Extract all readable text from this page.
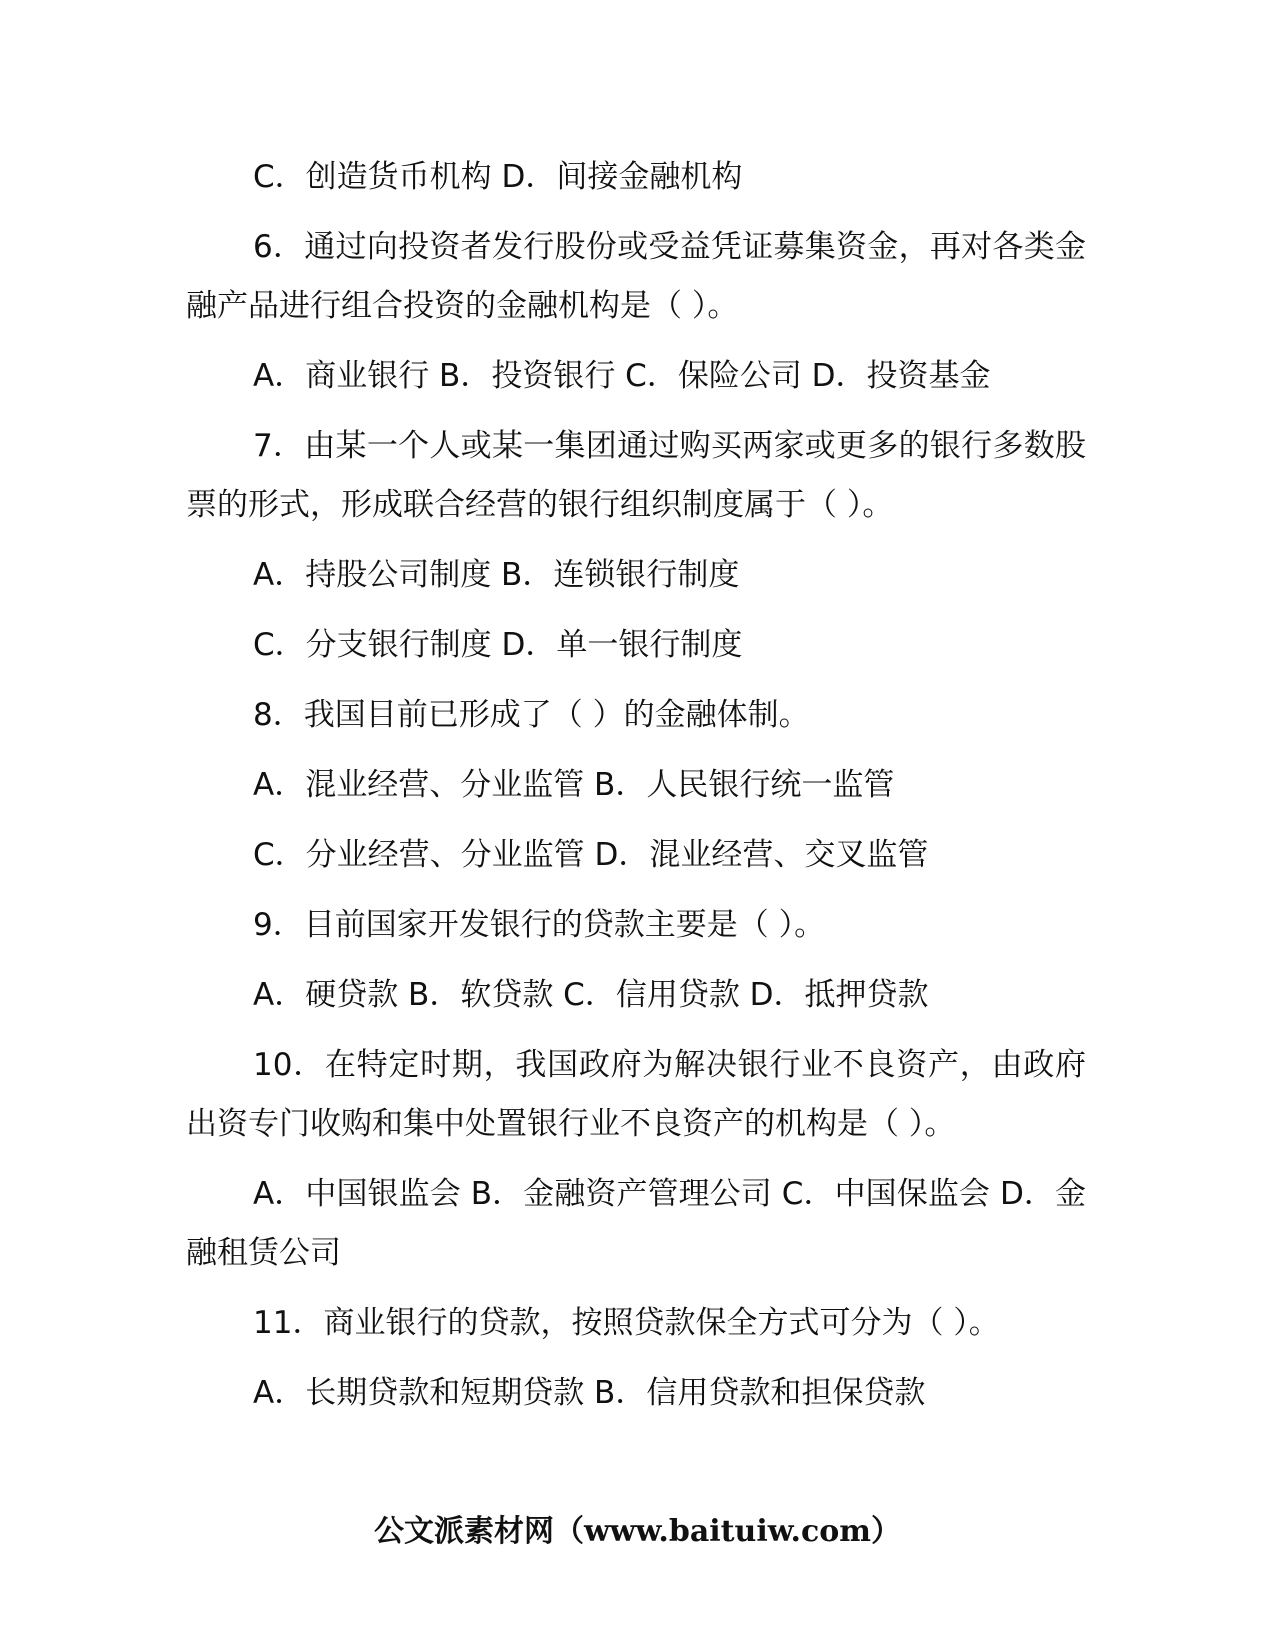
C．创造货币机构 D．间接金融机构

6．通过向投资者发行股份或受益凭证募集资金，再对各类金融产品进行组合投资的金融机构是（ ）。

A．商业银行 B．投资银行 C．保险公司 D．投资基金

7．由某一个人或某一集团通过购买两家或更多的银行多数股票的形式，形成联合经营的银行组织制度属于（ ）。

A．持股公司制度 B．连锁银行制度

C．分支银行制度 D．单一银行制度

8．我国目前已形成了（ ）的金融体制。

A．混业经营、分业监管 B．人民银行统一监管

C．分业经营、分业监管 D．混业经营、交叉监管

9．目前国家开发银行的贷款主要是（ ）。

A．硬贷款 B．软贷款 C．信用贷款 D．抵押贷款

10．在特定时期，我国政府为解决银行业不良资产，由政府出资专门收购和集中处置银行业不良资产的机构是（ ）。

A．中国银监会 B．金融资产管理公司 C．中国保监会 D．金融租赁公司

11．商业银行的贷款，按照贷款保全方式可分为（ ）。

A．长期贷款和短期贷款 B．信用贷款和担保贷款

公文派素材网（www.baituiw.com）
